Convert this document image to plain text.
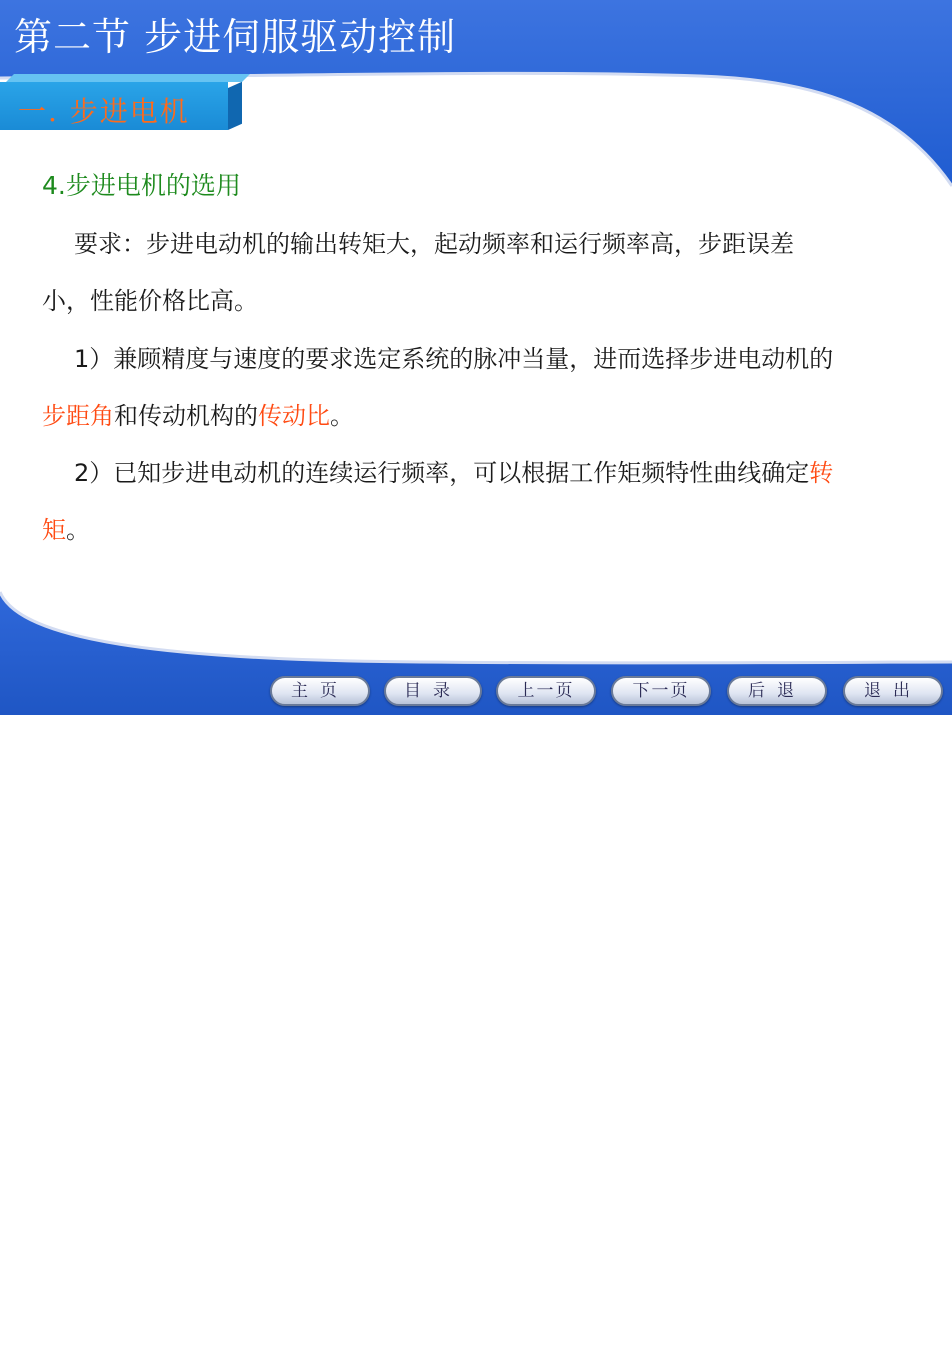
第二节 步进伺服驱动控制
一. 步进电机
4.步进电机的选用
要求：步进电动机的输出转矩大，起动频率和运行频率高，步距误差
小，性能价格比高。
1）兼顾精度与速度的要求选定系统的脉冲当量，进而选择步进电动机的
步距角和传动机构的传动比。
2）已知步进电动机的连续运行频率，可以根据工作矩频特性曲线确定转
矩。
主页	目录	上一页	下一页	后退	退出
